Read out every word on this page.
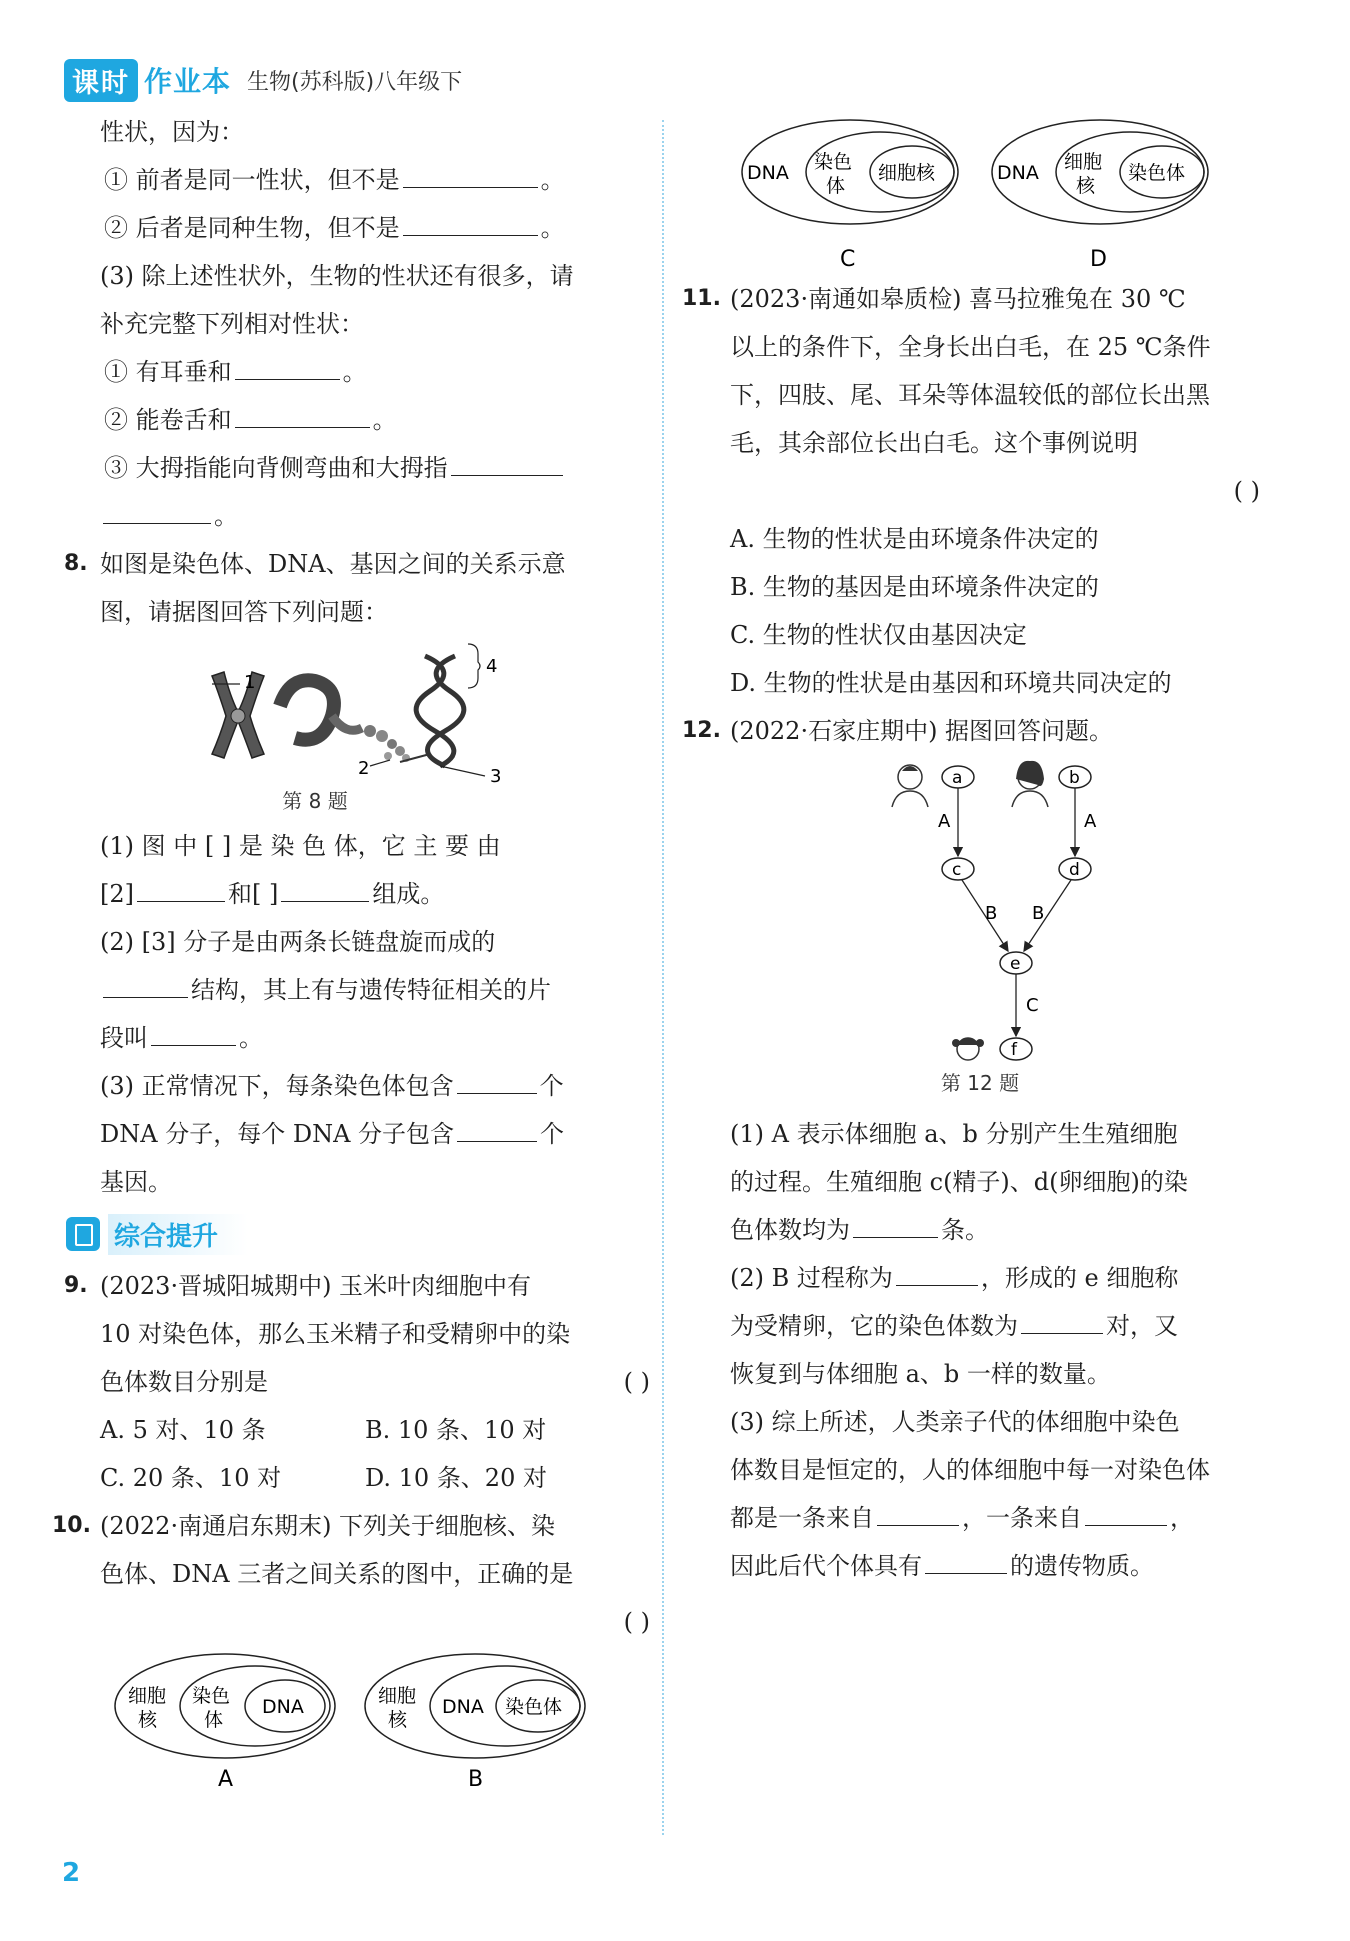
课时 作业本 生物(苏科版)八年级下
性状，因为：
① 前者是同一性状，但不是	。
② 后者是同种生物，但不是	。
(3) 除上述性状外，生物的性状还有很多，请
补充完整下列相对性状：
① 有耳垂和	。
② 能卷舌和	。
③ 大拇指能向背侧弯曲和大拇指
。
8. 如图是染色体、DNA、基因之间的关系示意
图，请据图回答下列问题：
1
2	3
4
第 8 题
(1) 图 中 [ ] 是 染 色 体，它 主 要 由
[2]	和[ ]	组成。
(2) [3] 分子是由两条长链盘旋而成的
结构，其上有与遗传特征相关的片
段叫	。
(3) 正常情况下，每条染色体包含	个
DNA 分子，每个 DNA 分子包含	个
基因。
综合提升
9. (2023·晋城阳城期中) 玉米叶肉细胞中有
10 对染色体，那么玉米精子和受精卵中的染
色体数目分别是	( )
A. 5 对、10 条	B. 10 条、10 对
C. 20 条、10 对	D. 10 条、20 对
10. (2022·南通启东期末) 下列关于细胞核、染
色体、DNA 三者之间关系的图中，正确的是
( )
细胞
核
染色
体
DNA
A
细胞
核
DNA 染色体
B
DNA 染色
体
细胞核
C
DNA 细胞
核
染色体
D
11. (2023·南通如皋质检) 喜马拉雅兔在 30 ℃
以上的条件下，全身长出白毛，在 25 ℃条件
下，四肢、尾、耳朵等体温较低的部位长出黑
毛，其余部位长出白毛。这个事例说明
( )
A. 生物的性状是由环境条件决定的
B. 生物的基因是由环境条件决定的
C. 生物的性状仅由基因决定
D. 生物的性状是由基因和环境共同决定的
12. (2022·石家庄期中) 据图回答问题。
a	b
c	d
e
f
A	A
B B
C
第 12 题
(1) A 表示体细胞 a、b 分别产生生殖细胞
的过程。生殖细胞 c(精子)、d(卵细胞)的染
色体数均为	条。
(2) B 过程称为	，形成的 e 细胞称
为受精卵，它的染色体数为	对，又
恢复到与体细胞 a、b 一样的数量。
(3) 综上所述，人类亲子代的体细胞中染色
体数目是恒定的，人的体细胞中每一对染色体
都是一条来自	，一条来自	，
因此后代个体具有	的遗传物质。
2
